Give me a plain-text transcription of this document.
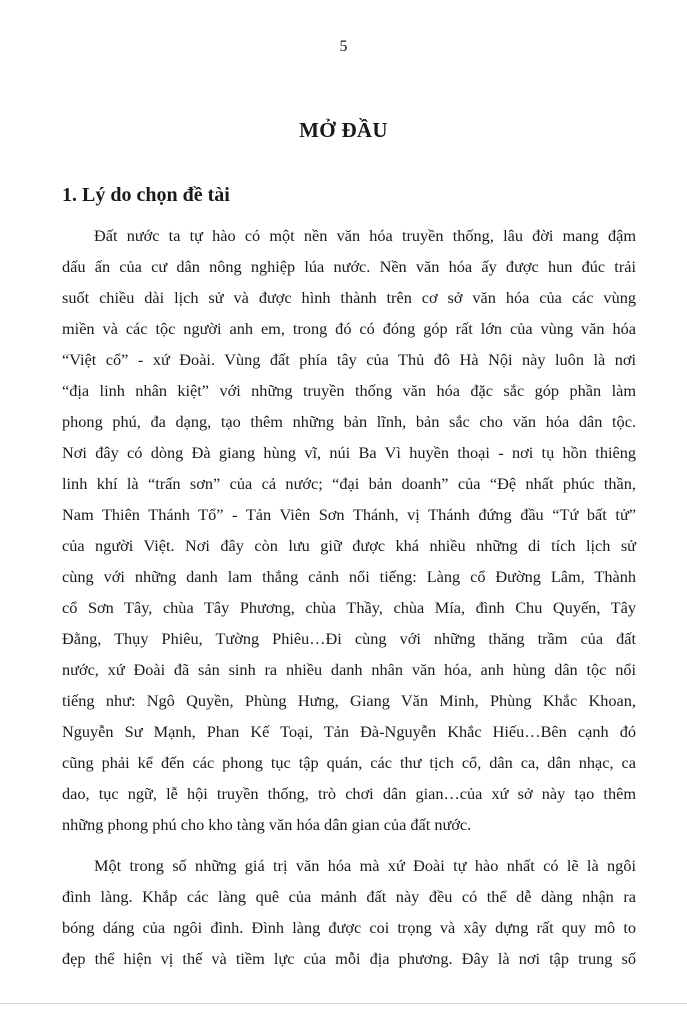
5
MỞ ĐẦU
1. Lý do chọn đề tài
Đất nước ta tự hào có một nền văn hóa truyền thống, lâu đời mang đậm
dấu ấn của cư dân nông nghiệp lúa nước. Nền văn hóa ấy được hun đúc trải
suốt chiều dài lịch sử và được hình thành trên cơ sở văn hóa của các vùng
miền và các tộc người anh em, trong đó có đóng góp rất lớn của vùng văn hóa
“Việt cổ” - xứ Đoài. Vùng đất phía tây của Thủ đô Hà Nội này luôn là nơi
“địa linh nhân kiệt” với những truyền thống văn hóa đặc sắc góp phần làm
phong phú, đa dạng, tạo thêm những bản lĩnh, bản sắc cho văn hóa dân tộc.
Nơi đây có dòng Đà giang hùng vĩ, núi Ba Vì huyền thoại - nơi tụ hồn thiêng
linh khí là “trấn sơn” của cả nước; “đại bản doanh” của “Đệ nhất phúc thần,
Nam Thiên Thánh Tổ” - Tản Viên Sơn Thánh, vị Thánh đứng đầu “Tứ bất tử”
của người Việt. Nơi đây còn lưu giữ được khá nhiều những di tích lịch sử
cùng với những danh lam thắng cảnh nổi tiếng: Làng cổ Đường Lâm, Thành
cổ Sơn Tây, chùa Tây Phương, chùa Thầy, chùa Mía, đình Chu Quyến, Tây
Đằng, Thụy Phiêu, Tường Phiêu…Đi cùng với những thăng trầm của đất
nước, xứ Đoài đã sản sinh ra nhiều danh nhân văn hóa, anh hùng dân tộc nổi
tiếng như: Ngô Quyền, Phùng Hưng, Giang Văn Minh, Phùng Khắc Khoan,
Nguyễn Sư Mạnh, Phan Kế Toại, Tản Đà-Nguyễn Khắc Hiếu…Bên cạnh đó
cũng phải kể đến các phong tục tập quán, các thư tịch cổ, dân ca, dân nhạc, ca
dao, tục ngữ, lễ hội truyền thống, trò chơi dân gian…của xứ sở này tạo thêm
những phong phú cho kho tàng văn hóa dân gian của đất nước.
Một trong số những giá trị văn hóa mà xứ Đoài tự hào nhất có lẽ là ngôi
đình làng. Khắp các làng quê của mảnh đất này đều có thể dễ dàng nhận ra
bóng dáng của ngôi đình. Đình làng được coi trọng và xây dựng rất quy mô to
đẹp thể hiện vị thế và tiềm lực của mỗi địa phương. Đây là nơi tập trung số
